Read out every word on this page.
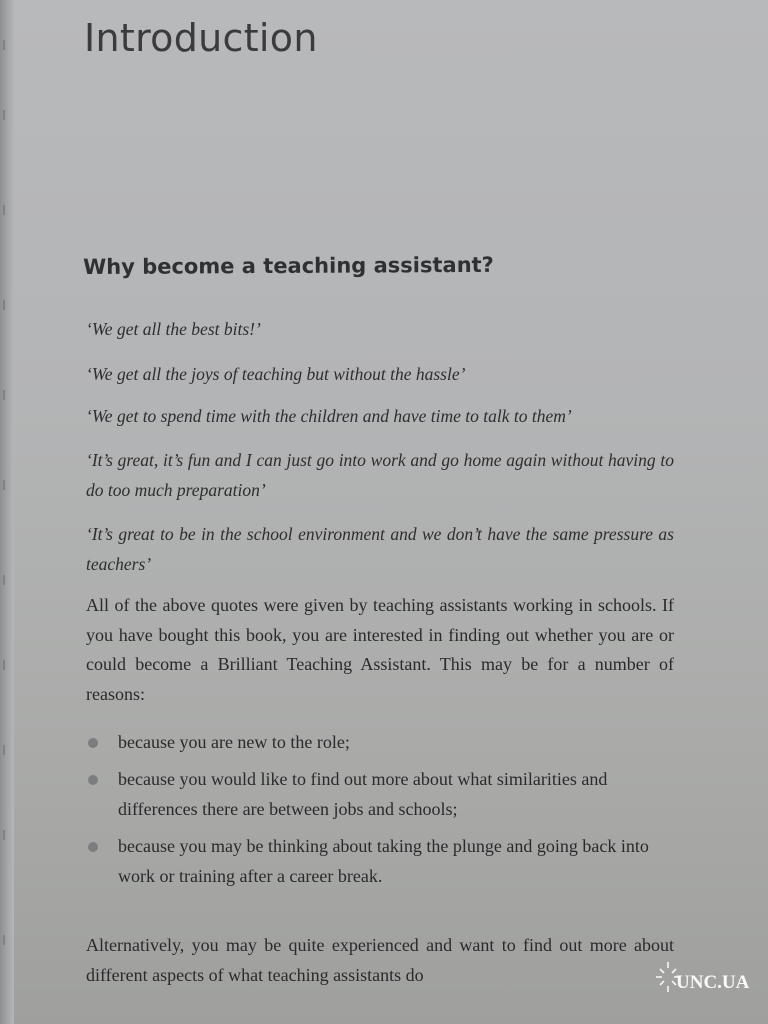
Introduction
Why become a teaching assistant?

‘We get all the best bits!’

‘We get all the joys of teaching but without the hassle’

‘We get to spend time with the children and have time to talk to them’

‘It’s great, it’s fun and I can just go into work and go home again without having to do too much preparation’

‘It’s great to be in the school environment and we don’t have the same pressure as teachers’

All of the above quotes were given by teaching assistants working in schools. If you have bought this book, you are interested in finding out whether you are or could become a Brilliant Teaching Assistant. This may be for a number of reasons:

because you are new to the role;
because you would like to find out more about what similarities and differences there are between jobs and schools;
because you may be thinking about taking the plunge and going back into work or training after a career break.

Alternatively, you may be quite experienced and want to find out more about different aspects of what teaching assistants do	UNC.UA
